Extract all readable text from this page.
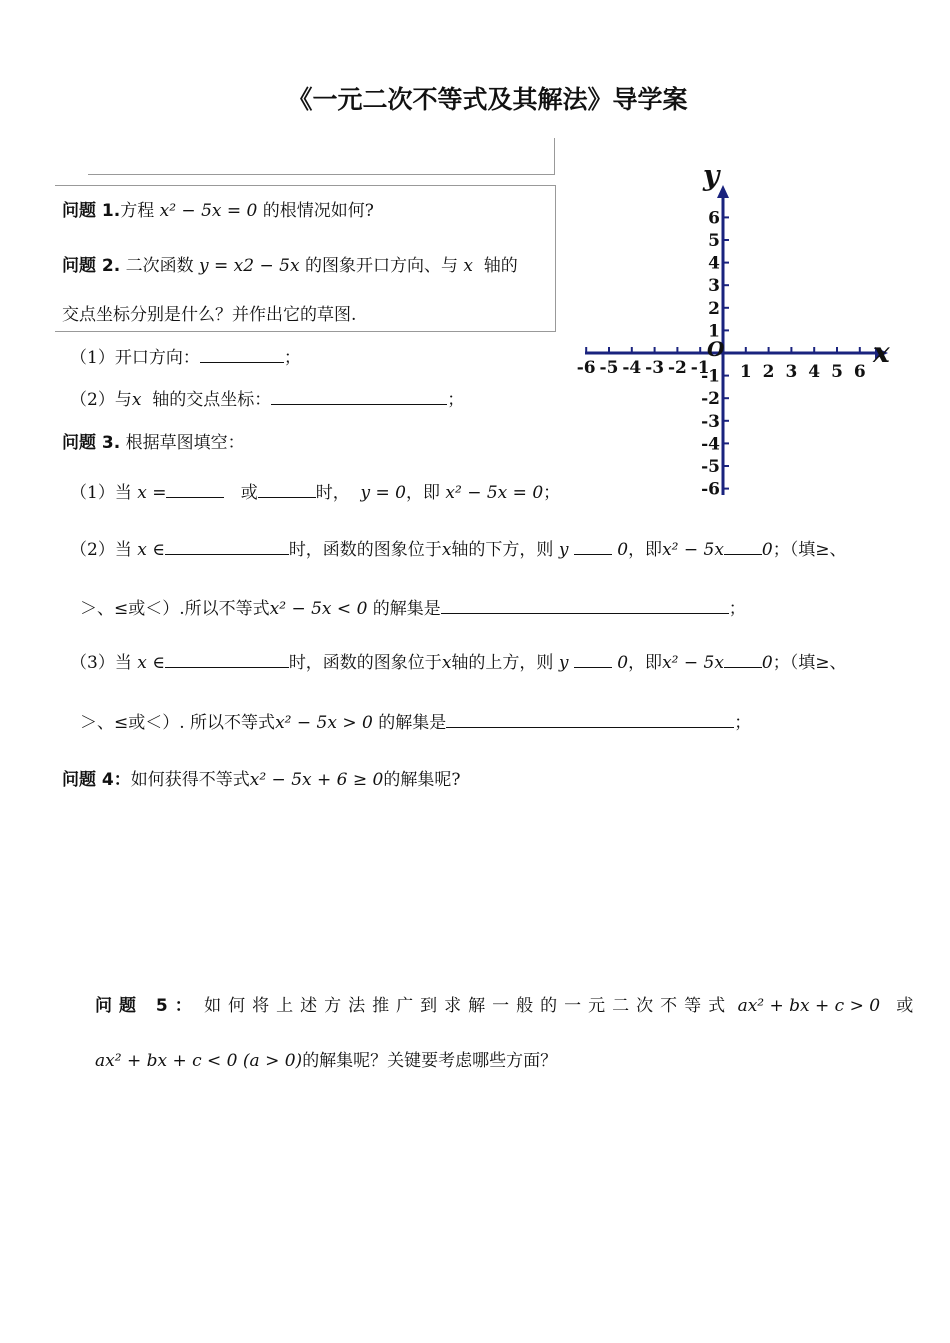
《一元二次不等式及其解法》导学案
问题 1.方程 x² − 5x = 0 的根情况如何?
问题 2. 二次函数 y = x2 − 5x 的图象开口方向、与 x 轴的
交点坐标分别是什么？并作出它的草图.
（1）开口方向：	；
（2）与x 轴的交点坐标：	；
问题 3. 根据草图填空：
（1）当 x =	或	时， y = 0，即 x² − 5x = 0；
（2）当 x ∈	时，函数的图象位于x轴的下方，则 y	0，即x² − 5x 0；（填≥、
＞、≤或＜）.所以不等式x² − 5x < 0 的解集是	；
（3）当 x ∈	时，函数的图象位于x轴的上方，则 y	0，即x² − 5x 0；（填≥、
＞、≤或＜）. 所以不等式x² − 5x > 0 的解集是	；
问题 4：如何获得不等式x² − 5x + 6 ≥ 0的解集呢?
问题 5： 如何将上述方法推广到求解一般的一元二次不等式 ax² + bx + c > 0 或
ax² + bx + c < 0 (a > 0)的解集呢？关键要考虑哪些方面？
-6 -5 -4 -3 -2 -1 1 2 3 4 5 6
6
5
4
3
2
1
-1
-2
-3
-4
-5
-6
O	x
y
